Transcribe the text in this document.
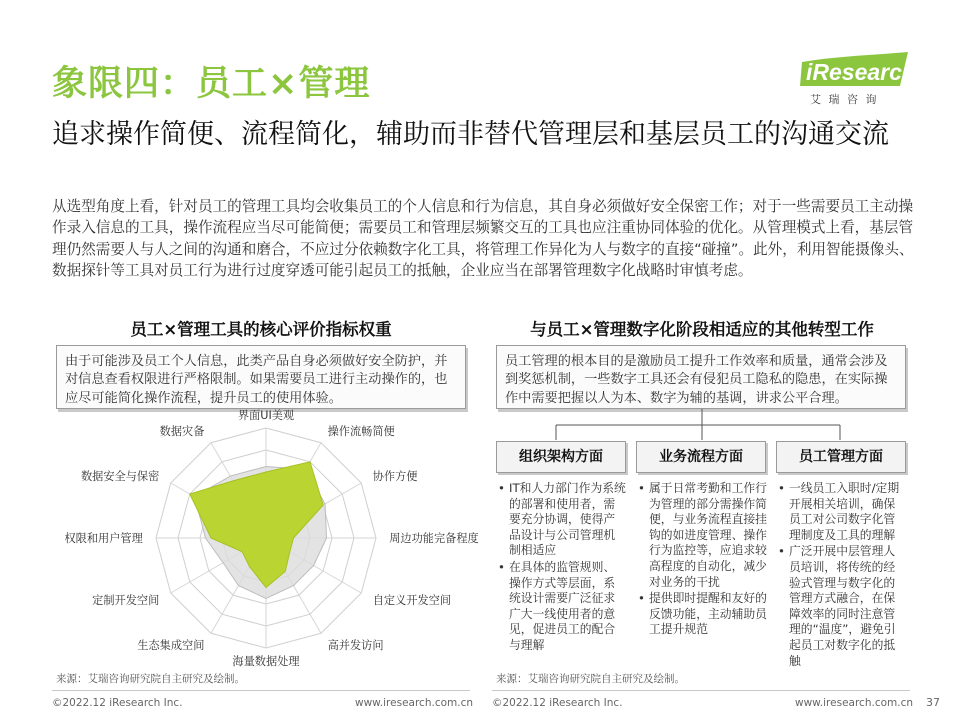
象限四：员工×管理	iResearch
艾 瑞 咨 询
追求操作简便、流程简化，辅助而非替代管理层和基层员工的沟通交流
从选型角度上看，针对员工的管理工具均会收集员工的个人信息和行为信息，其自身必须做好安全保密工作；对于一些需要员工主动操作录入信息的工具，操作流程应当尽可能简便；需要员工和管理层频繁交互的工具也应注重协同体验的优化。从管理模式上看，基层管理仍然需要人与人之间的沟通和磨合，不应过分依赖数字化工具，将管理工作异化为人与数字的直接“碰撞”。此外，利用智能摄像头、数据探针等工具对员工行为进行过度穿透可能引起员工的抵触，企业应当在部署管理数字化战略时审慎考虑。
员工×管理工具的核心评价指标权重
由于可能涉及员工个人信息，此类产品自身必须做好安全防护，并对信息查看权限进行严格限制。如果需要员工进行主动操作的，也应尽可能简化操作流程，提升员工的使用体验。
界面UI美观
操作流畅简便
协作方便
周边功能完备程度
自定义开发空间
高并发访问
海量数据处理
生态集成空间
定制开发空间
权限和用户管理
数据安全与保密
数据灾备
来源：艾瑞咨询研究院自主研究及绘制。
与员工×管理数字化阶段相适应的其他转型工作
员工管理的根本目的是激励员工提升工作效率和质量，通常会涉及到奖惩机制，一些数字工具还会有侵犯员工隐私的隐患，在实际操作中需要把握以人为本、数字为辅的基调，讲求公平合理。
组织架构方面	业务流程方面	员工管理方面
• IT和人力部门作为系统的部署和使用者，需要充分协调，使得产品设计与公司管理机制相适应
• 在具体的监管规则、操作方式等层面，系统设计需要广泛征求广大一线使用者的意见，促进员工的配合与理解
• 属于日常考勤和工作行为管理的部分需操作简便，与业务流程直接挂钩的如进度管理、操作行为监控等，应追求较高程度的自动化，减少对业务的干扰
• 提供即时提醒和友好的反馈功能，主动辅助员工提升规范
• 一线员工入职时/定期开展相关培训，确保员工对公司数字化管理制度及工具的理解
• 广泛开展中层管理人员培训，将传统的经验式管理与数字化的管理方式融合，在保障效率的同时注意管理的“温度”，避免引起员工对数字化的抵触
来源：艾瑞咨询研究院自主研究及绘制。
©2022.12 iResearch Inc.	www.iresearch.com.cn ©2022.12 iResearch Inc.	www.iresearch.com.cn 37
